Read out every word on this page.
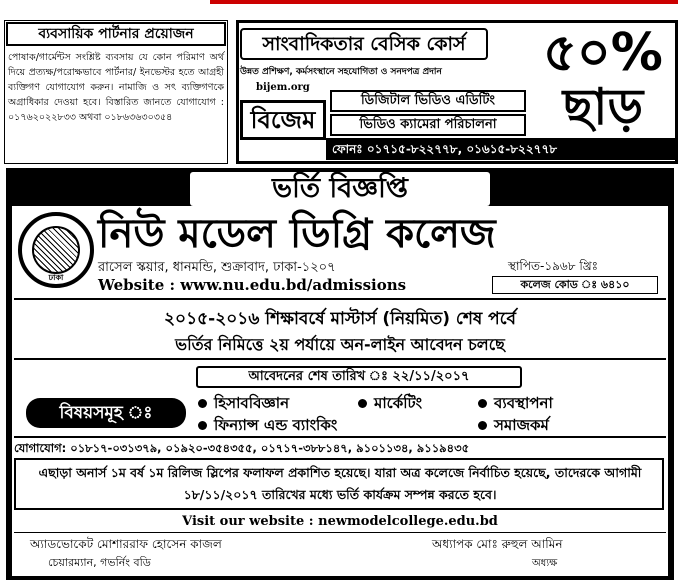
ব্যবসায়িক পার্টনার প্রয়োজন
পোষাক/গার্মেন্টস সংশ্লিষ্ট ব্যবসায় যে কোন পরিমাণ অর্থ দিয়ে প্রত্যক্ষ/পরোক্ষভাবে পার্টনার/ ইনভেস্টর হতে আগ্রহী ব্যক্তিগণ যোগাযোগ করুন। নামাজি ও সৎ ব্যক্তিগণকে অগ্রাধিকার দেওয়া হবে। বিস্তারিত জানতে যোগাযোগ : ০১৭৬২০২২৮৩৩ অথবা ০১৮৬৩৬৩০৩৫৪
সাংবাদিকতার বেসিক কোর্স
উন্নত প্রশিক্ষণ, কর্মসংস্থানে সহযোগিতা ও সনদপত্র প্রদান
bijem.org
বিজেম
ডিজিটাল ভিডিও এডিটিং
ভিডিও ক্যামেরা পরিচালনা
ফোনঃ ০১৭১৫-৮২২৭৭৮, ০১৬১৫-৮২২৭৭৮
৫০%
ছাড়
ভর্তি বিজ্ঞপ্তি
ঢাকা
নিউ মডেল ডিগ্রি কলেজ
রাসেল স্কয়ার, ধানমন্ডি, শুক্রাবাদ, ঢাকা-১২০৭	স্থাপিত-১৯৬৮ খ্রিঃ
Website : www.nu.edu.bd/admissions	কলেজ কোড ঃ ৬৪১০
২০১৫-২০১৬ শিক্ষাবর্ষে মাস্টার্স (নিয়মিত) শেষ পর্বে
ভর্তির নিমিত্তে ২য় পর্যায়ে অন-লাইন আবেদন চলছে
আবেদনের শেষ তারিখ ঃ ২২/১১/২০১৭
বিষয়সমূহ ঃ	হিসাববিজ্ঞান	মার্কেটিং	ব্যবস্থাপনা
ফিন্যান্স এন্ড ব্যাংকিং	সমাজকর্ম
যোগাযোগ: ০১৮১৭-০৩১৩৭৯, ০১৯২০-৩৫৪৩৫৫, ০১৭১৭-৩৮৮১৪৭, ৯১০১১৩৪, ৯১১৯৪৩৫
এছাড়া অনার্স ১ম বর্ষ ১ম রিলিজ স্লিপের ফলাফল প্রকাশিত হয়েছে। যারা অত্র কলেজে নির্বাচিত হয়েছে, তাদেরকে আগামী ১৮/১১/২০১৭ তারিখের মধ্যে ভর্তি কার্যক্রম সম্পন্ন করতে হবে।
Visit our website : newmodelcollege.edu.bd
অ্যাডভোকেট মোশাররাফ হোসেন কাজল
চেয়ারম্যান, গভর্নিং বডি
অধ্যাপক মোঃ রুহুল আমিন
অধ্যক্ষ
